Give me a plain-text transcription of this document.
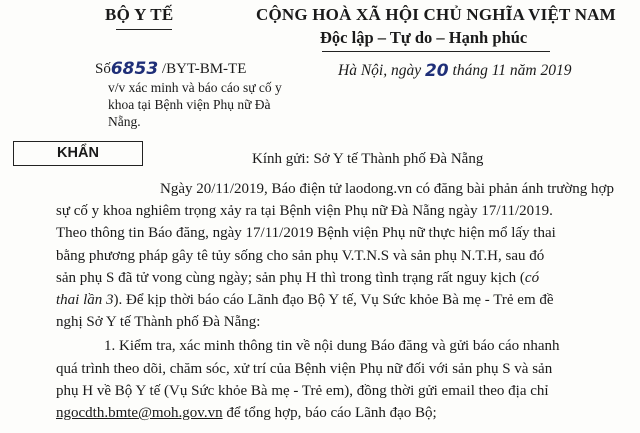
BỘ Y TẾ	CỘNG HOÀ XÃ HỘI CHỦ NGHĨA VIỆT NAM
Độc lập – Tự do – Hạnh phúc
Số6853 /BYT-BM-TE
v/v xác minh và báo cáo sự cố y khoa tại Bệnh viện Phụ nữ Đà Nẵng.
Hà Nội, ngày 20 tháng 11 năm 2019
KHẨN	Kính gửi: Sở Y tế Thành phố Đà Nẵng

Ngày 20/11/2019, Báo điện tử laodong.vn có đăng bài phản ánh trường hợp
sự cố y khoa nghiêm trọng xảy ra tại Bệnh viện Phụ nữ Đà Nẵng ngày 17/11/2019.

Theo thông tin Báo đăng, ngày 17/11/2019 Bệnh viện Phụ nữ thực hiện mổ lấy thai
bằng phương pháp gây tê tủy sống cho sản phụ V.T.N.S và sản phụ N.T.H, sau đó
sản phụ S đã tử vong cùng ngày; sản phụ H thì trong tình trạng rất nguy kịch (có
thai lần 3). Để kịp thời báo cáo Lãnh đạo Bộ Y tế, Vụ Sức khỏe Bà mẹ - Trẻ em đề
nghị Sở Y tế Thành phố Đà Nẵng:
1. Kiểm tra, xác minh thông tin về nội dung Báo đăng và gửi báo cáo nhanh
quá trình theo dõi, chăm sóc, xử trí của Bệnh viện Phụ nữ đối với sản phụ S và sản
phụ H về Bộ Y tế (Vụ Sức khỏe Bà mẹ - Trẻ em), đồng thời gửi email theo địa chỉ
ngocdth.bmte@moh.gov.vn để tổng hợp, báo cáo Lãnh đạo Bộ;
